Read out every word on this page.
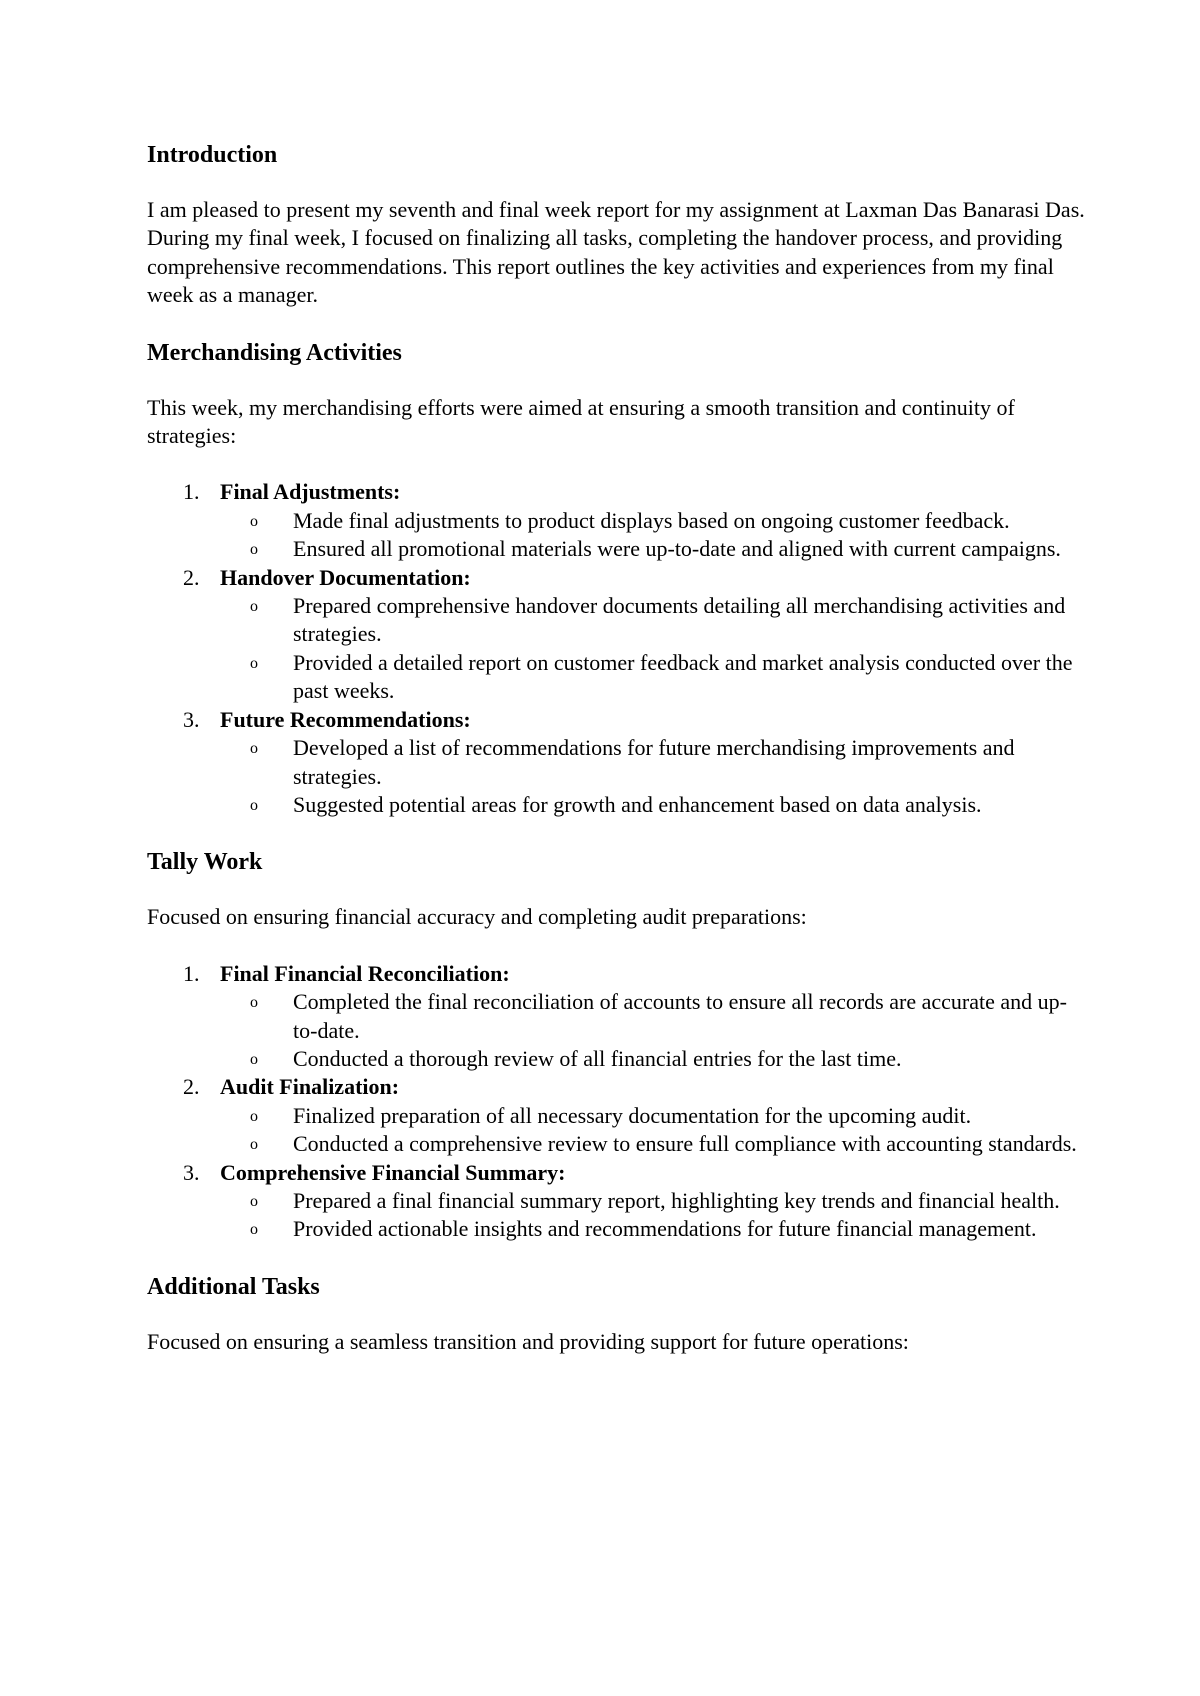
Introduction

I am pleased to present my seventh and final week report for my assignment at Laxman Das Banarasi Das. During my final week, I focused on finalizing all tasks, completing the handover process, and providing comprehensive recommendations. This report outlines the key activities and experiences from my final week as a manager.

Merchandising Activities

This week, my merchandising efforts were aimed at ensuring a smooth transition and continuity of strategies:

1. Final Adjustments:
o Made final adjustments to product displays based on ongoing customer feedback.
o Ensured all promotional materials were up-to-date and aligned with current campaigns.
2. Handover Documentation:
o Prepared comprehensive handover documents detailing all merchandising activities and strategies.
o Provided a detailed report on customer feedback and market analysis conducted over the past weeks.
3. Future Recommendations:
o Developed a list of recommendations for future merchandising improvements and strategies.
o Suggested potential areas for growth and enhancement based on data analysis.
Tally Work

Focused on ensuring financial accuracy and completing audit preparations:

1. Final Financial Reconciliation:
o Completed the final reconciliation of accounts to ensure all records are accurate and up-to-date.
o Conducted a thorough review of all financial entries for the last time.
2. Audit Finalization:
o Finalized preparation of all necessary documentation for the upcoming audit.
o Conducted a comprehensive review to ensure full compliance with accounting standards.
3. Comprehensive Financial Summary:
o Prepared a final financial summary report, highlighting key trends and financial health.
o Provided actionable insights and recommendations for future financial management.
Additional Tasks

Focused on ensuring a seamless transition and providing support for future operations:
